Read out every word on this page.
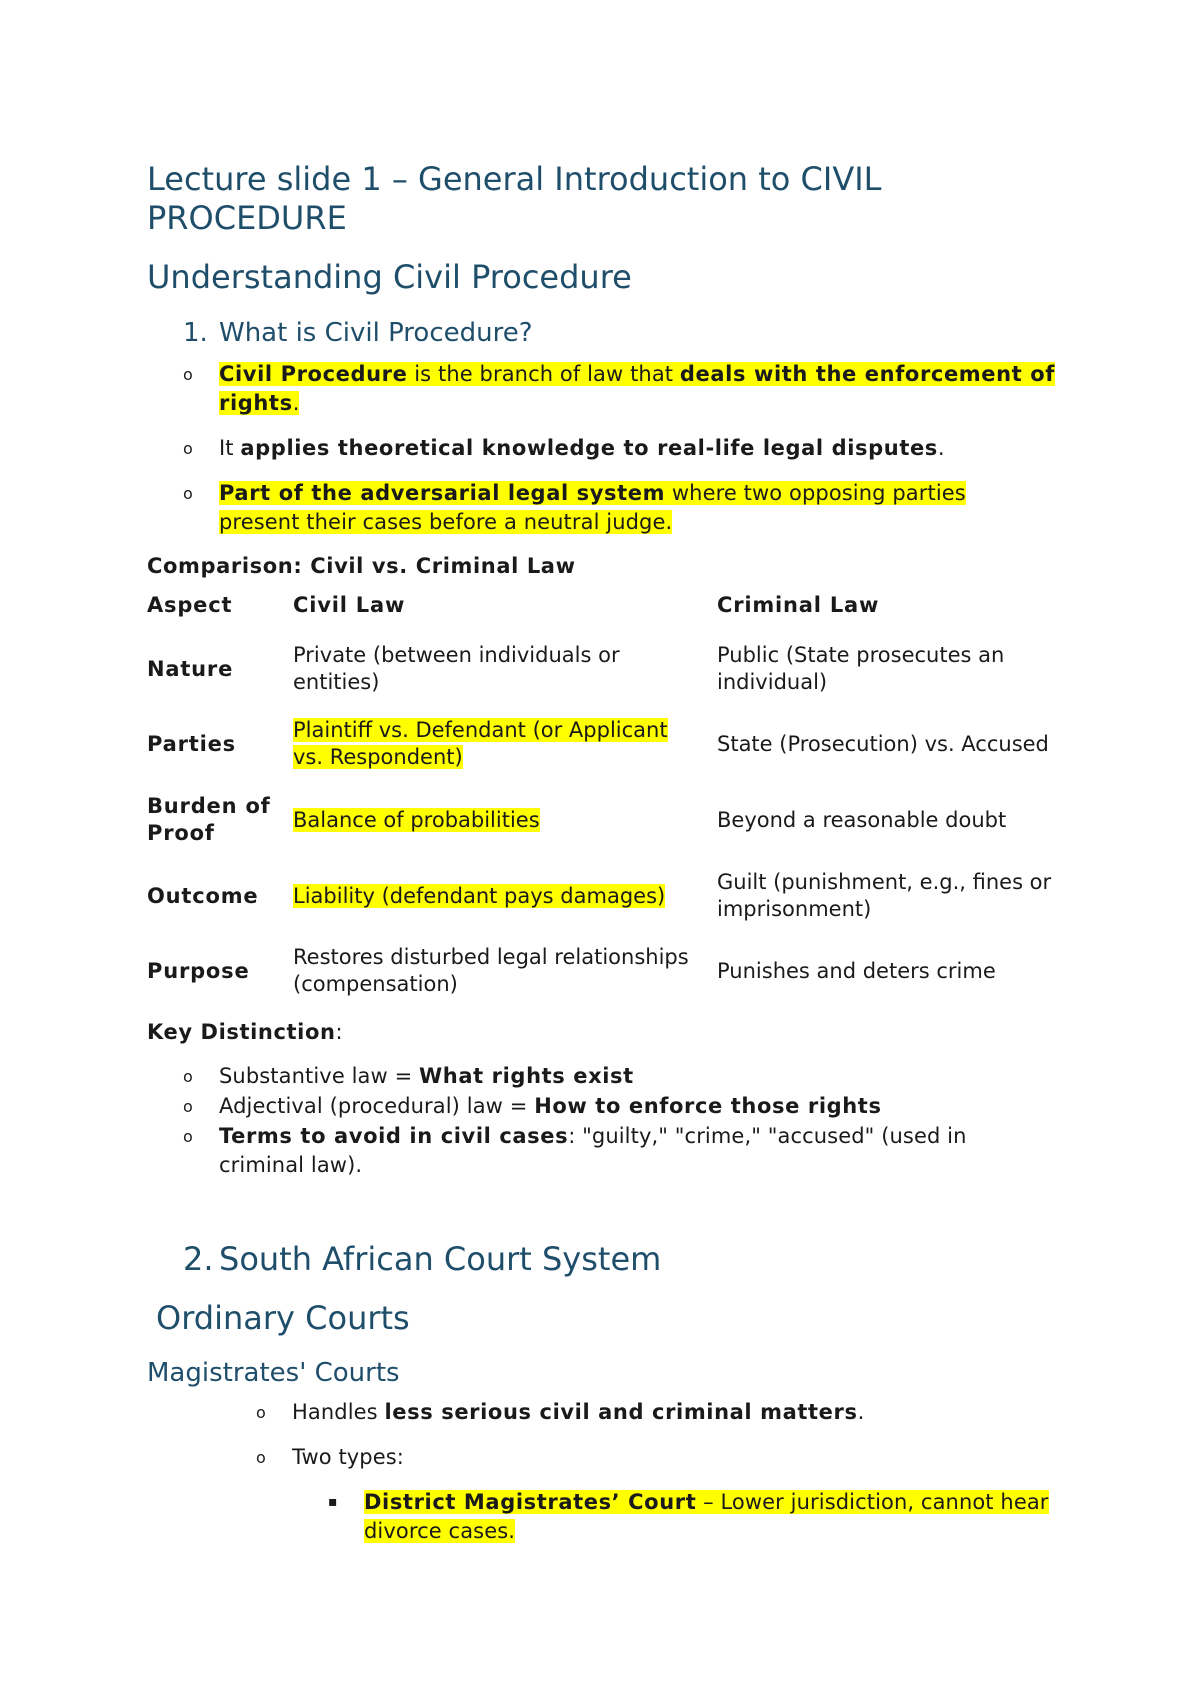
Lecture slide 1 – General Introduction to CIVIL PROCEDURE
Understanding Civil Procedure
1. What is Civil Procedure?
o Civil Procedure is the branch of law that deals with the enforcement of rights.
o It applies theoretical knowledge to real-life legal disputes.
o Part of the adversarial legal system where two opposing parties present their cases before a neutral judge.
Comparison: Civil vs. Criminal Law
Aspect	Civil Law	Criminal Law
Nature	Private (between individuals or entities)	Public (State prosecutes an individual)
Parties	Plaintiff vs. Defendant (or Applicant vs. Respondent)	State (Prosecution) vs. Accused
Burden of Proof	Balance of probabilities	Beyond a reasonable doubt
Outcome	Liability (defendant pays damages)	Guilt (punishment, e.g., fines or imprisonment)
Purpose	Restores disturbed legal relationships (compensation)	Punishes and deters crime
Key Distinction:
o Substantive law = What rights exist
o Adjectival (procedural) law = How to enforce those rights
o Terms to avoid in civil cases: "guilty," "crime," "accused" (used in criminal law).
2. South African Court System
Ordinary Courts
Magistrates' Courts
o Handles less serious civil and criminal matters.
o Two types:
▪ District Magistrates’ Court – Lower jurisdiction, cannot hear divorce cases.
